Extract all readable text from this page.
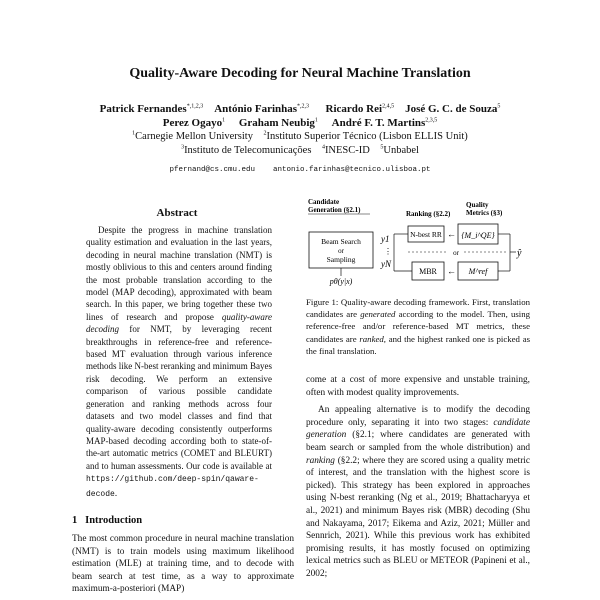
Quality-Aware Decoding for Neural Machine Translation
Patrick Fernandes$^{*,1,2,3}$ António Farinhas$^{*,2,3}$ Ricardo Rei$^{2,4,5}$ José G. C. de Souza$^5$
Perez Ogayo$^1$ Graham Neubig$^1$ André F. T. Martins$^{2,3,5}$
$^1$Carnegie Mellon University $^2$Instituto Superior Técnico (Lisbon ELLIS Unit)
$^3$Instituto de Telecomunicações $^4$INESC-ID $^5$Unbabel
pfernand@cs.cmu.edu    antonio.farinhas@tecnico.ulisboa.pt
Abstract

Despite the progress in machine translation quality estimation and evaluation in the last years, decoding in neural machine translation (NMT) is mostly oblivious to this and centers around finding the most probable translation according to the model (MAP decoding), approximated with beam search. In this paper, we bring together these two lines of research and propose quality-aware decoding for NMT, by leveraging recent breakthroughs in reference-free and reference-based MT evaluation through various inference methods like N-best reranking and minimum Bayes risk decoding. We perform an extensive comparison of various possible candidate generation and ranking methods across four datasets and two model classes and find that quality-aware decoding consistently outperforms MAP-based decoding according both to state-of-the-art automatic metrics (COMET and BLEURT) and to human assessments. Our code is available at https://github.com/deep-spin/qaware-decode.

1   Introduction
The most common procedure in neural machine translation (NMT) is to train models using maximum likelihood estimation (MLE) at training time, and to decode with beam search at test time, as a way to approximate maximum-a-posteriori (MAP)
Candidate
Generation (§2.1)	Ranking (§2.2)
Quality
Metrics (§3)
Beam Search
or
Sampling
pθ(y|x)
y1
⋮
yN
N-best RR ← {M_i^QE}
or
MBR ← M^ref
ŷ
Figure 1: Quality-aware decoding framework. First, translation candidates are generated according to the model. Then, using reference-free and/or reference-based MT metrics, these candidates are ranked, and the highest ranked one is picked as the final translation.

come at a cost of more expensive and unstable training, often with modest quality improvements.

An appealing alternative is to modify the decoding procedure only, separating it into two stages: candidate generation (§2.1; where candidates are generated with beam search or sampled from the whole distribution) and ranking (§2.2; where they are scored using a quality metric of interest, and the translation with the highest score is picked). This strategy has been explored in approaches using N-best reranking (Ng et al., 2019; Bhattacharyya et al., 2021) and minimum Bayes risk (MBR) decoding (Shu and Nakayama, 2017; Eikema and Aziz, 2021; Müller and Sennrich, 2021). While this previous work has exhibited promising results, it has mostly focused on optimizing lexical metrics such as BLEU or METEOR (Papineni et al., 2002;
